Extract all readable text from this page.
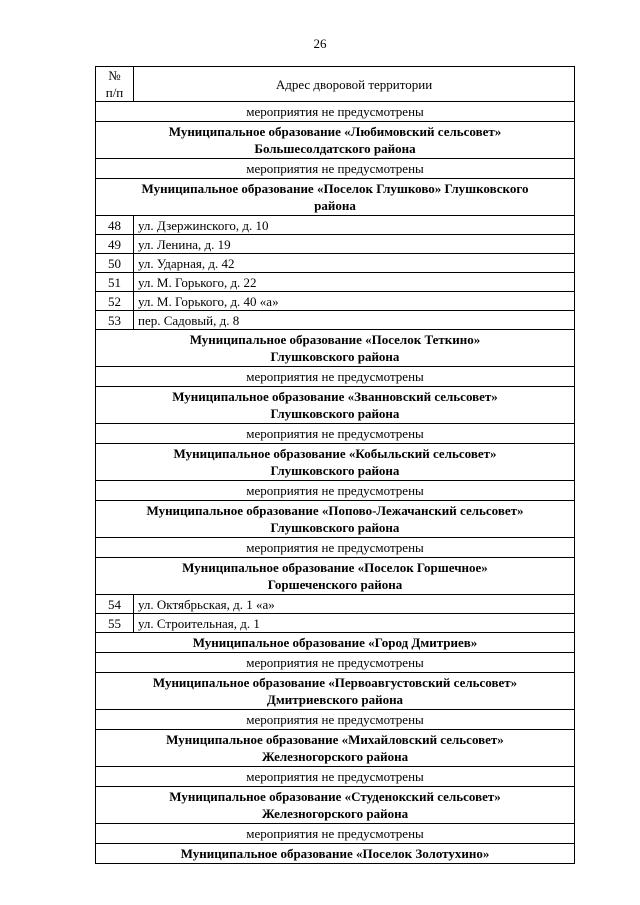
26
№
п/п	Адрес дворовой территории
мероприятия не предусмотрены	

Муниципальное образование «Любимовский сельсовет»
Большесолдатского района	

мероприятия не предусмотрены	

Муниципальное образование «Поселок Глушково» Глушковского
района	

48	ул. Дзержинского, д. 10
49	ул. Ленина, д. 19
50	ул. Ударная, д. 42
51	ул. М. Горького, д. 22
52	ул. М. Горького, д. 40 «а»
53	пер. Садовый, д. 8

Муниципальное образование «Поселок Теткино»
Глушковского района	

мероприятия не предусмотрены	

Муниципальное образование «Званновский сельсовет»
Глушковского района	

мероприятия не предусмотрены	

Муниципальное образование «Кобыльский сельсовет»
Глушковского района	

мероприятия не предусмотрены	

Муниципальное образование «Попово-Лежачанский сельсовет»
Глушковского района	

мероприятия не предусмотрены	

Муниципальное образование «Поселок Горшечное»
Горшеченского района	

54	ул. Октябрьская, д. 1 «а»
55	ул. Строительная, д. 1

Муниципальное образование «Город Дмитриев»	

мероприятия не предусмотрены	

Муниципальное образование «Первоавгустовский сельсовет»
Дмитриевского района	

мероприятия не предусмотрены	

Муниципальное образование «Михайловский сельсовет»
Железногорского района	

мероприятия не предусмотрены	

Муниципальное образование «Студенокский сельсовет»
Железногорского района	

мероприятия не предусмотрены	

Муниципальное образование «Поселок Золотухино»	
